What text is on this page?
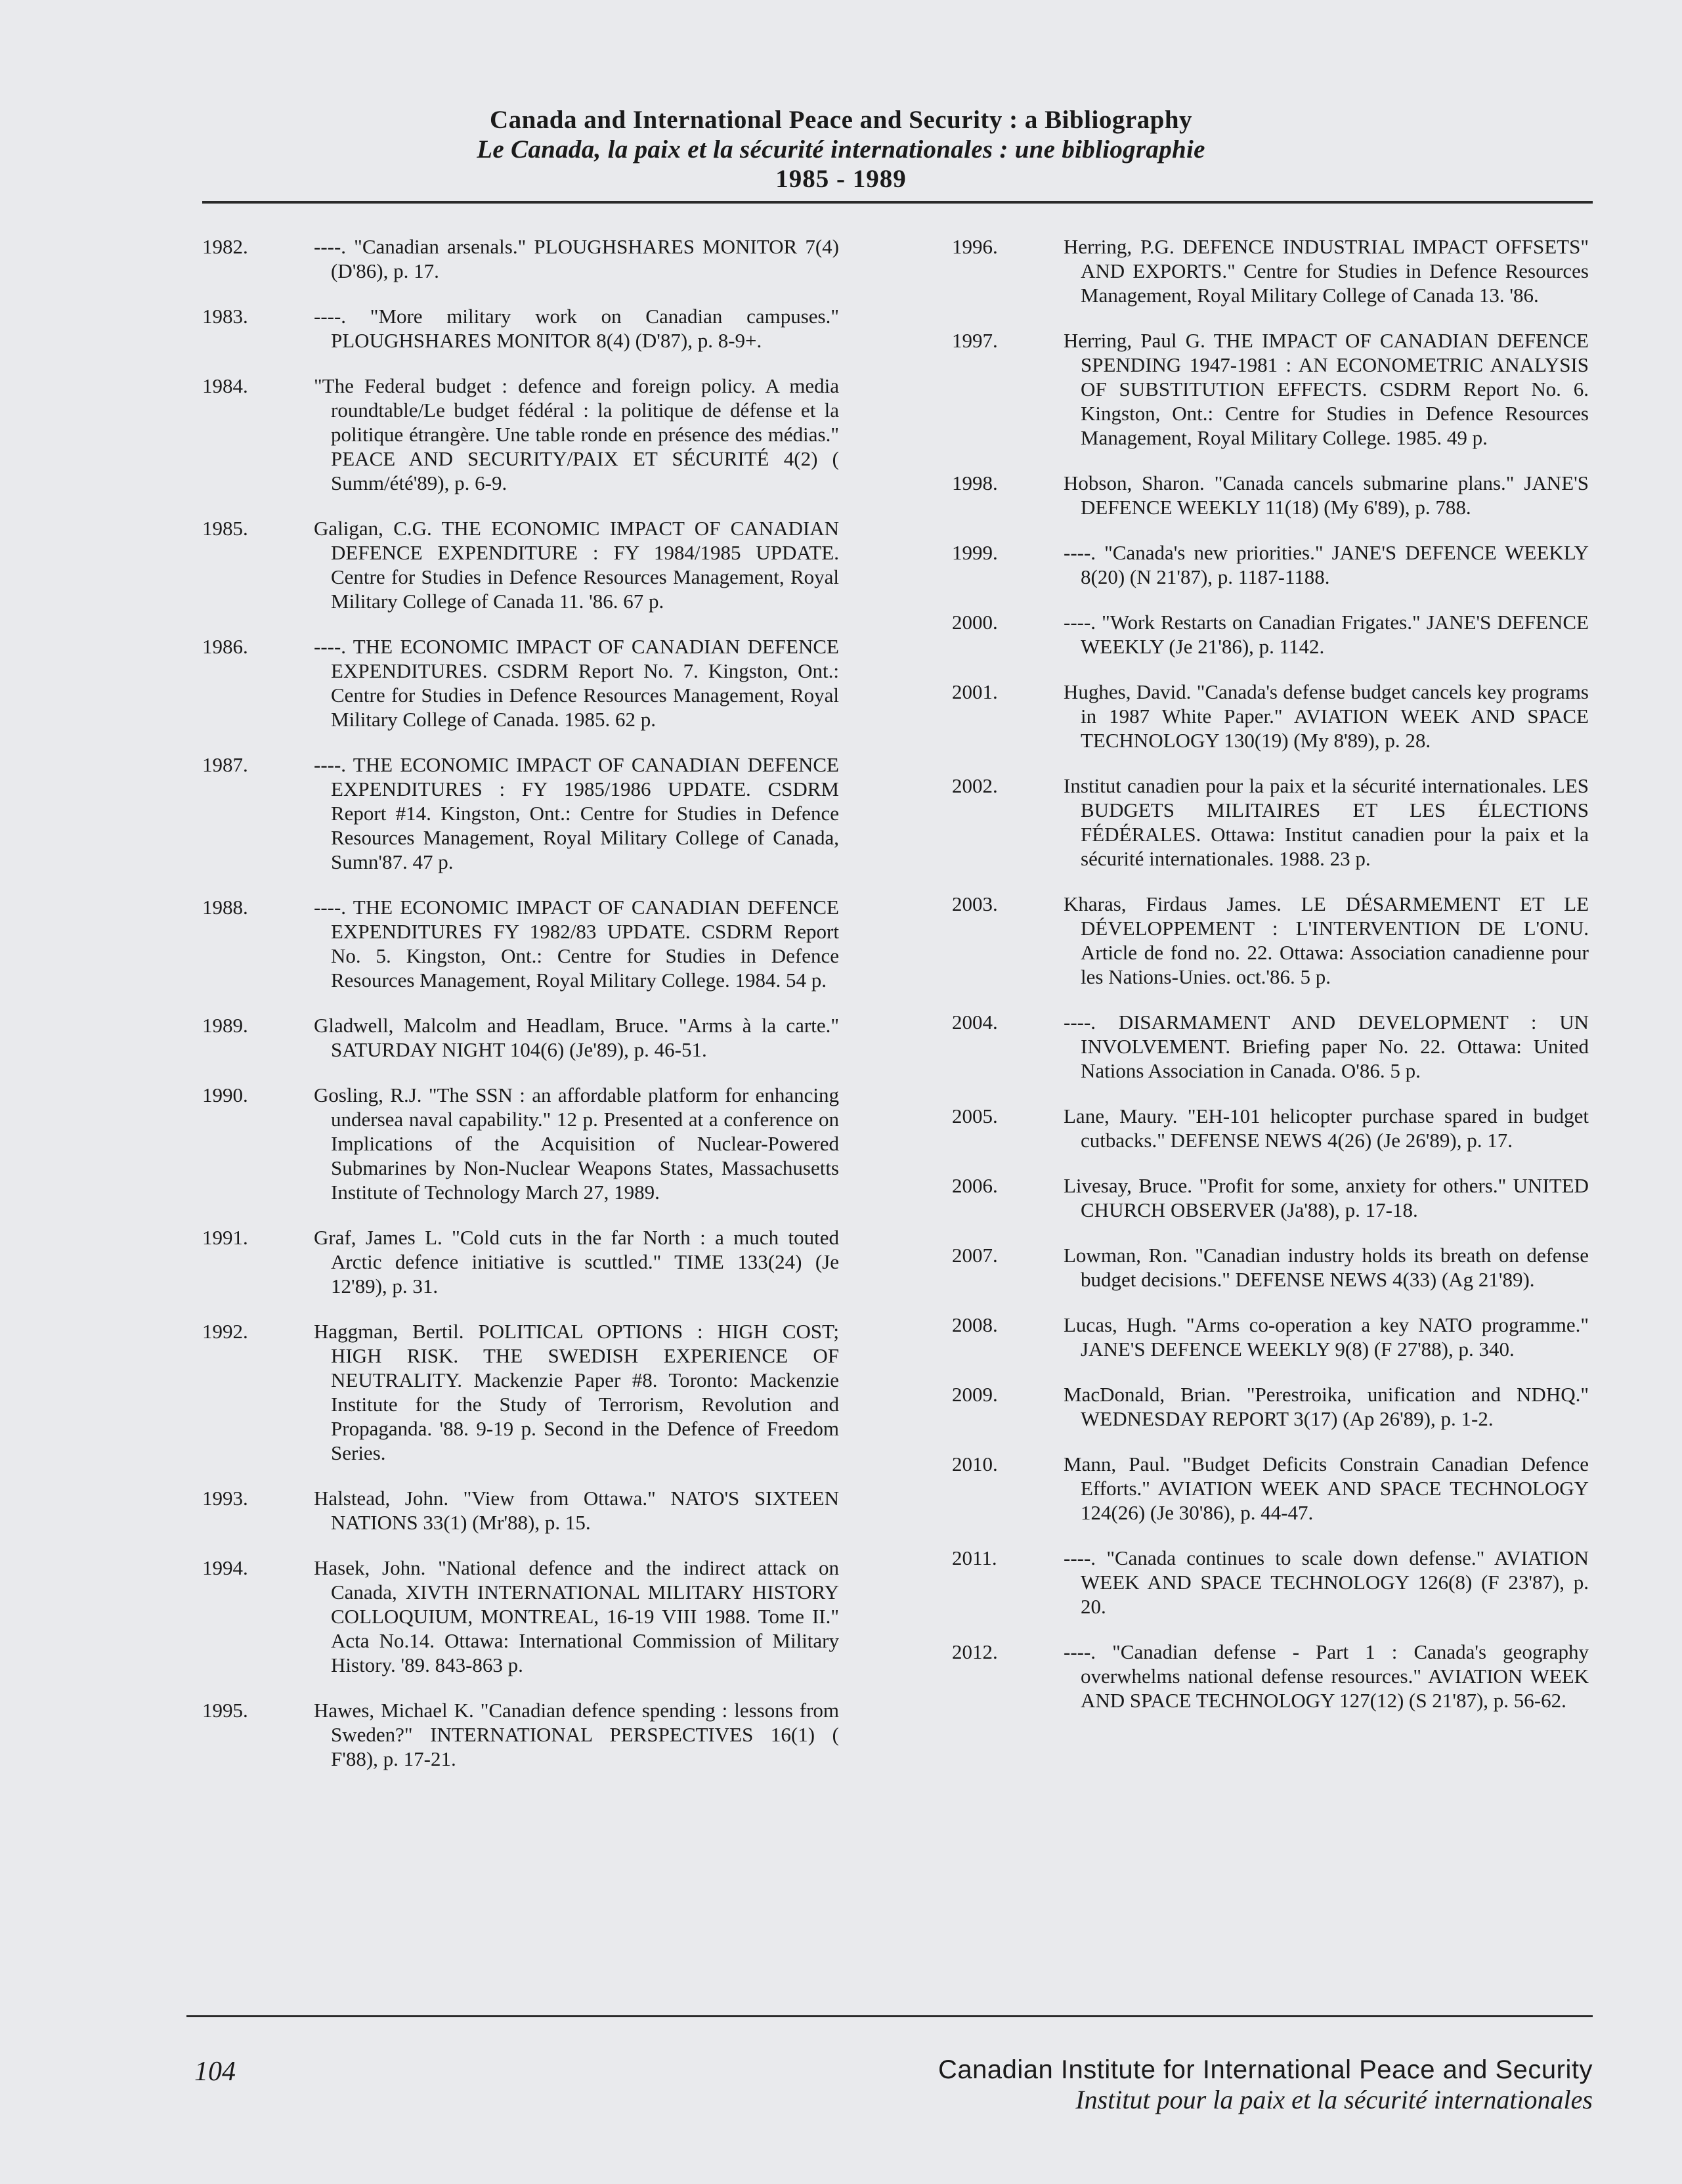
Canada and International Peace and Security : a Bibliography
Le Canada, la paix et la sécurité internationales : une bibliographie
1985 - 1989
1982.	----. "Canadian arsenals." PLOUGHSHARES MONITOR 7(4) (D'86), p. 17.
1983.	----. "More military work on Canadian campuses." PLOUGHSHARES MONITOR 8(4) (D'87), p. 8-9+.
1984.	"The Federal budget : defence and foreign policy. A media roundtable/Le budget fédéral : la politique de défense et la politique étrangère. Une table ronde en présence des médias." PEACE AND SECURITY/PAIX ET SÉCURITÉ 4(2) ( Summ/été'89), p. 6-9.
1985.	Galigan, C.G. THE ECONOMIC IMPACT OF CANADIAN DEFENCE EXPENDITURE : FY 1984/1985 UPDATE. Centre for Studies in Defence Resources Management, Royal Military College of Canada 11. '86. 67 p.
1986.	----. THE ECONOMIC IMPACT OF CANADIAN DEFENCE EXPENDITURES. CSDRM Report No. 7. Kingston, Ont.: Centre for Studies in Defence Resources Management, Royal Military College of Canada. 1985. 62 p.
1987.	----. THE ECONOMIC IMPACT OF CANADIAN DEFENCE EXPENDITURES : FY 1985/1986 UPDATE. CSDRM Report #14. Kingston, Ont.: Centre for Studies in Defence Resources Management, Royal Military College of Canada, Sumn'87. 47 p.
1988.	----. THE ECONOMIC IMPACT OF CANADIAN DEFENCE EXPENDITURES FY 1982/83 UPDATE. CSDRM Report No. 5. Kingston, Ont.: Centre for Studies in Defence Resources Management, Royal Military College. 1984. 54 p.
1989.	Gladwell, Malcolm and Headlam, Bruce. "Arms à la carte." SATURDAY NIGHT 104(6) (Je'89), p. 46-51.
1990.	Gosling, R.J. "The SSN : an affordable platform for enhancing undersea naval capability." 12 p. Presented at a conference on Implications of the Acquisition of Nuclear-Powered Submarines by Non-Nuclear Weapons States, Massachusetts Institute of Technology March 27, 1989.
1991.	Graf, James L. "Cold cuts in the far North : a much touted Arctic defence initiative is scuttled." TIME 133(24) (Je 12'89), p. 31.
1992.	Haggman, Bertil. POLITICAL OPTIONS : HIGH COST; HIGH RISK. THE SWEDISH EXPERIENCE OF NEUTRALITY. Mackenzie Paper #8. Toronto: Mackenzie Institute for the Study of Terrorism, Revolution and Propaganda. '88. 9-19 p. Second in the Defence of Freedom Series.
1993.	Halstead, John. "View from Ottawa." NATO'S SIXTEEN NATIONS 33(1) (Mr'88), p. 15.
1994.	Hasek, John. "National defence and the indirect attack on Canada, XIVTH INTERNATIONAL MILITARY HISTORY COLLOQUIUM, MONTREAL, 16-19 VIII 1988. Tome II." Acta No.14. Ottawa: International Commission of Military History. '89. 843-863 p.
1995.	Hawes, Michael K. "Canadian defence spending : lessons from Sweden?" INTERNATIONAL PERSPECTIVES 16(1) ( F'88), p. 17-21.
1996.	Herring, P.G. DEFENCE INDUSTRIAL IMPACT OFFSETS" AND EXPORTS." Centre for Studies in Defence Resources Management, Royal Military College of Canada 13. '86.
1997.	Herring, Paul G. THE IMPACT OF CANADIAN DEFENCE SPENDING 1947-1981 : AN ECONOMETRIC ANALYSIS OF SUBSTITUTION EFFECTS. CSDRM Report No. 6. Kingston, Ont.: Centre for Studies in Defence Resources Management, Royal Military College. 1985. 49 p.
1998.	Hobson, Sharon. "Canada cancels submarine plans." JANE'S DEFENCE WEEKLY 11(18) (My 6'89), p. 788.
1999.	----. "Canada's new priorities." JANE'S DEFENCE WEEKLY 8(20) (N 21'87), p. 1187-1188.
2000.	----. "Work Restarts on Canadian Frigates." JANE'S DEFENCE WEEKLY (Je 21'86), p. 1142.
2001.	Hughes, David. "Canada's defense budget cancels key programs in 1987 White Paper." AVIATION WEEK AND SPACE TECHNOLOGY 130(19) (My 8'89), p. 28.
2002.	Institut canadien pour la paix et la sécurité internationales. LES BUDGETS MILITAIRES ET LES ÉLECTIONS FÉDÉRALES. Ottawa: Institut canadien pour la paix et la sécurité internationales. 1988. 23 p.
2003.	Kharas, Firdaus James. LE DÉSARMEMENT ET LE DÉVELOPPEMENT : L'INTERVENTION DE L'ONU. Article de fond no. 22. Ottawa: Association canadienne pour les Nations-Unies. oct.'86. 5 p.
2004.	----. DISARMAMENT AND DEVELOPMENT : UN INVOLVEMENT. Briefing paper No. 22. Ottawa: United Nations Association in Canada. O'86. 5 p.
2005.	Lane, Maury. "EH-101 helicopter purchase spared in budget cutbacks." DEFENSE NEWS 4(26) (Je 26'89), p. 17.
2006.	Livesay, Bruce. "Profit for some, anxiety for others." UNITED CHURCH OBSERVER (Ja'88), p. 17-18.
2007.	Lowman, Ron. "Canadian industry holds its breath on defense budget decisions." DEFENSE NEWS 4(33) (Ag 21'89).
2008.	Lucas, Hugh. "Arms co-operation a key NATO programme." JANE'S DEFENCE WEEKLY 9(8) (F 27'88), p. 340.
2009.	MacDonald, Brian. "Perestroika, unification and NDHQ." WEDNESDAY REPORT 3(17) (Ap 26'89), p. 1-2.
2010.	Mann, Paul. "Budget Deficits Constrain Canadian Defence Efforts." AVIATION WEEK AND SPACE TECHNOLOGY 124(26) (Je 30'86), p. 44-47.
2011.	----. "Canada continues to scale down defense." AVIATION WEEK AND SPACE TECHNOLOGY 126(8) (F 23'87), p. 20.
2012.	----. "Canadian defense - Part 1 : Canada's geography overwhelms national defense resources." AVIATION WEEK AND SPACE TECHNOLOGY 127(12) (S 21'87), p. 56-62.
104	Canadian Institute for International Peace and Security
Institut pour la paix et la sécurité internationales
